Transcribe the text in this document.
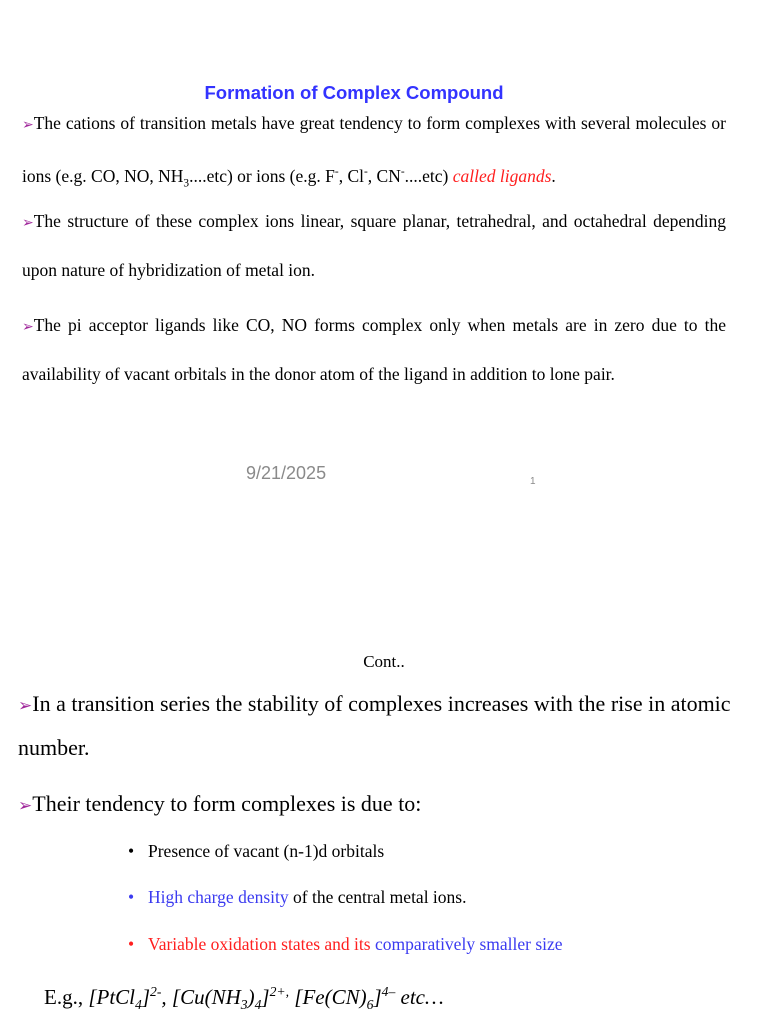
Formation of Complex Compound
➢The cations of transition metals have great tendency to form complexes with several molecules or ions (e.g. CO, NO, $NH_3....etc$) or ions (e.g. F-, Cl-, CN-....etc) called ligands.
➢The structure of these complex ions linear, square planar, tetrahedral, and octahedral depending upon nature of hybridization of metal ion.
➢The pi acceptor ligands like CO, NO forms complex only when metals are in zero due to the availability of vacant orbitals in the donor atom of the ligand in addition to lone pair.
9/21/2025	1
Cont..
➢In a transition series the stability of complexes increases with the rise in atomic number.
➢Their tendency to form complexes is due to:
• Presence of vacant (n-1)d orbitals
• High charge density of the central metal ions.
• Variable oxidation states and its comparatively smaller size
E.g., [PtCl$_4$]$^{2-}$, $[Cu(NH_3)_4]^{2+,}$ $[Fe(CN)_6]^{4-}$ etc…
